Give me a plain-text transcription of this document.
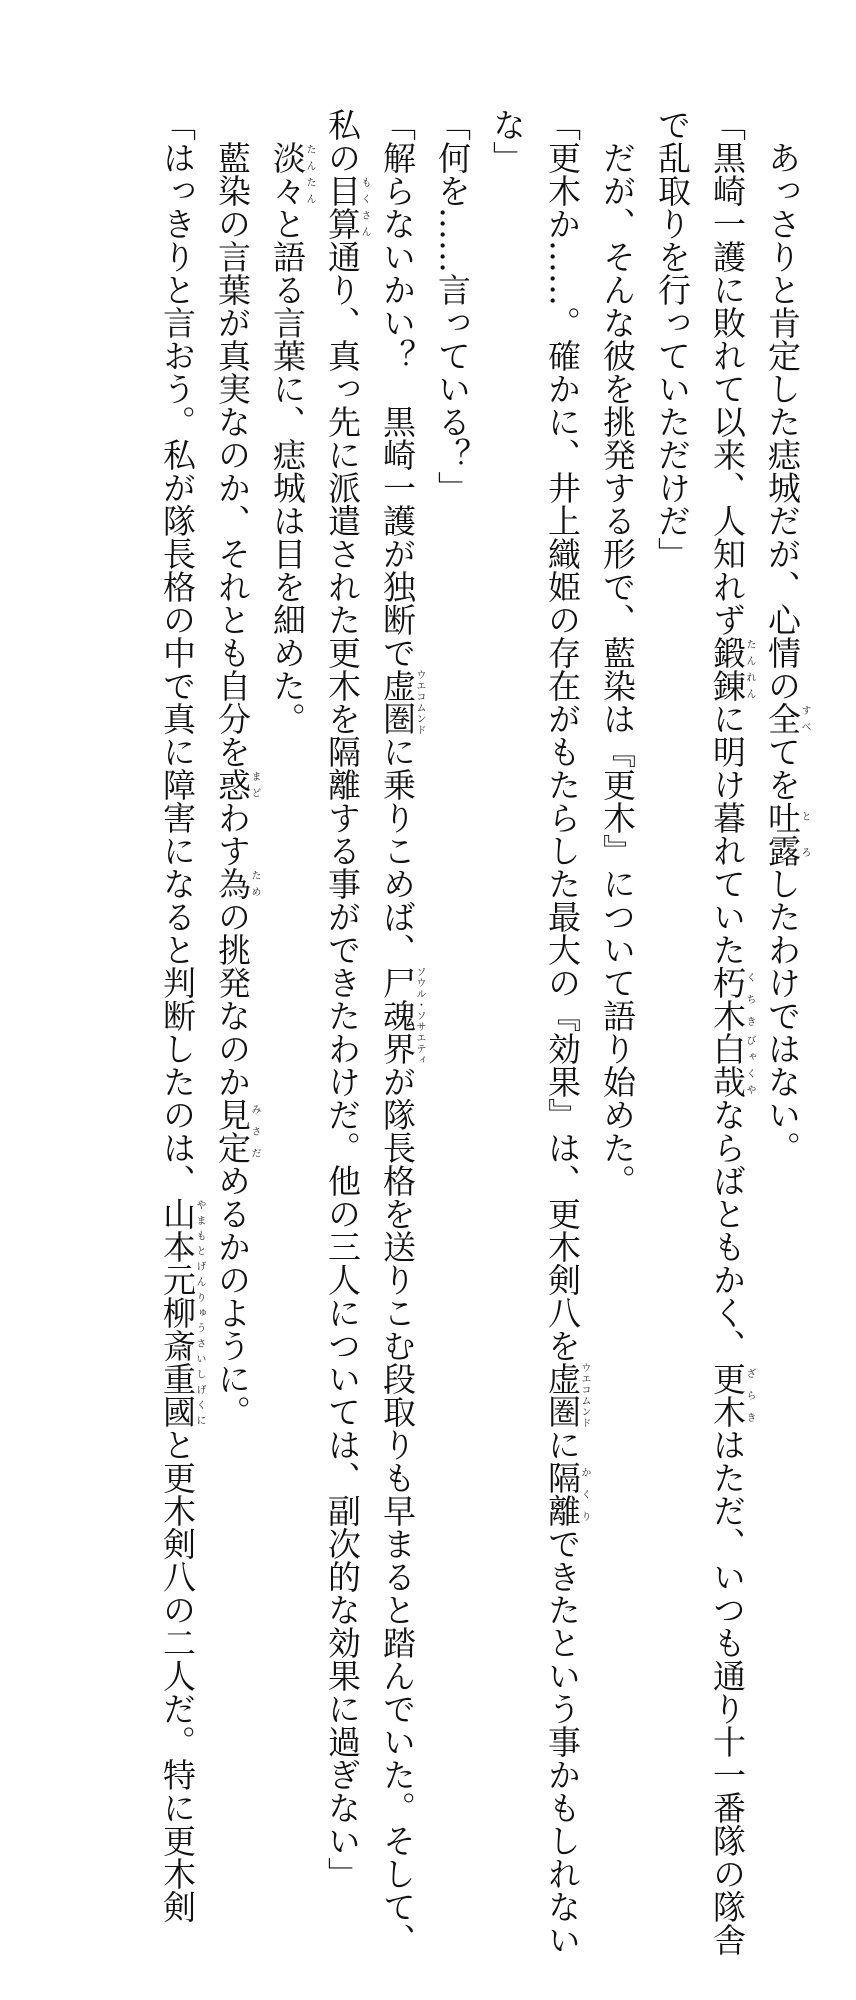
あっさりと肯定した痣城だが、心情の全すべてを吐露とろしたわけではない。

「黒崎一護に敗れて以来、人知れず鍛錬たんれんに明け暮れていた朽木くちき白哉びゃくやならばともかく、更木ざらきはただ、いつも通り十一番隊の隊舎で乱取りを行っていただけだ」

だが、そんな彼を挑発する形で、藍染は『更木』について語り始めた。

「更木か……。確かに、井上織姫の存在がもたらした最大の『効果』は、更木剣八を虚圏ウエコムンドに隔離かくりできたという事かもしれないな」

「何を……言っている？」

「解らないかい？　黒崎一護が独断で虚圏ウエコムンドに乗りこめば、尸魂界ソウル・ソサエティが隊長格を送りこむ段取りも早まると踏んでいた。そして、私の目算もくさん通り、真っ先に派遣された更木を隔離する事ができたわけだ。他の三人については、副次的な効果に過ぎない」

淡々たんたんと語る言葉に、痣城は目を細めた。

藍染の言葉が真実なのか、それとも自分を惑まどわす為ための挑発なのか見定みさだめるかのように。

「はっきりと言おう。私が隊長格の中で真に障害になると判断したのは、山本元柳斎重國やまもとげんりゅうさいしげくにと更木剣八の二人だ。特に更木剣
